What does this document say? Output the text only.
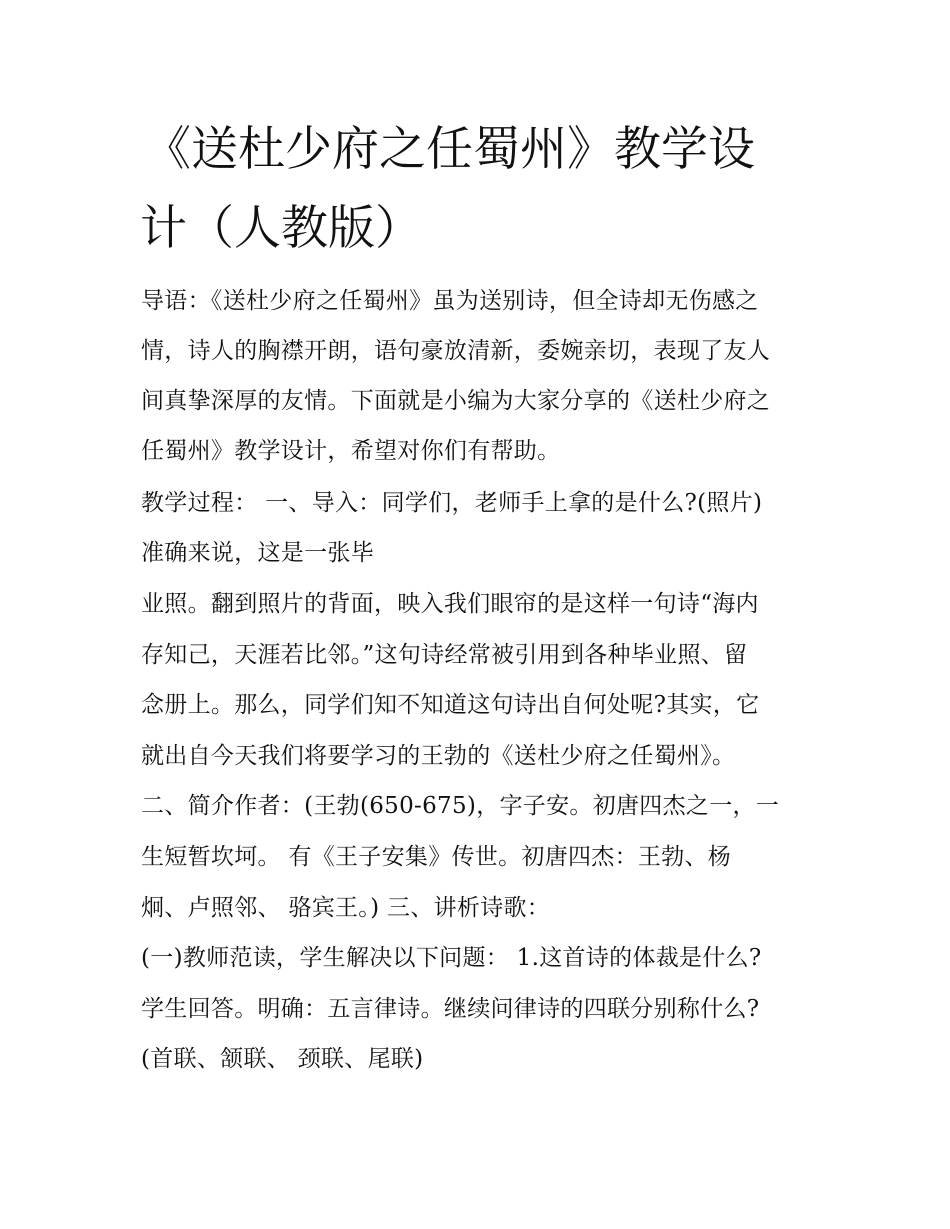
《送杜少府之任蜀州》教学设
计（人教版）
导语：《送杜少府之任蜀州》虽为送别诗，但全诗却无伤感之
情，诗人的胸襟开朗，语句豪放清新，委婉亲切，表现了友人
间真挚深厚的友情。下面就是小编为大家分享的《送杜少府之
任蜀州》教学设计，希望对你们有帮助。
教学过程： 一、导入：同学们，老师手上拿的是什么?(照片)
准确来说，这是一张毕
业照。翻到照片的背面，映入我们眼帘的是这样一句诗“海内
存知己，天涯若比邻。”这句诗经常被引用到各种毕业照、留
念册上。那么，同学们知不知道这句诗出自何处呢?其实，它
就出自今天我们将要学习的王勃的《送杜少府之任蜀州》。
二、简介作者：(王勃(650-675)，字子安。初唐四杰之一，一
生短暂坎坷。 有《王子安集》传世。初唐四杰：王勃、杨
炯、卢照邻、 骆宾王。) 三、讲析诗歌：
(一)教师范读，学生解决以下问题： 1.这首诗的体裁是什么?
学生回答。明确：五言律诗。继续问律诗的四联分别称什么?
(首联、颔联、 颈联、尾联)
